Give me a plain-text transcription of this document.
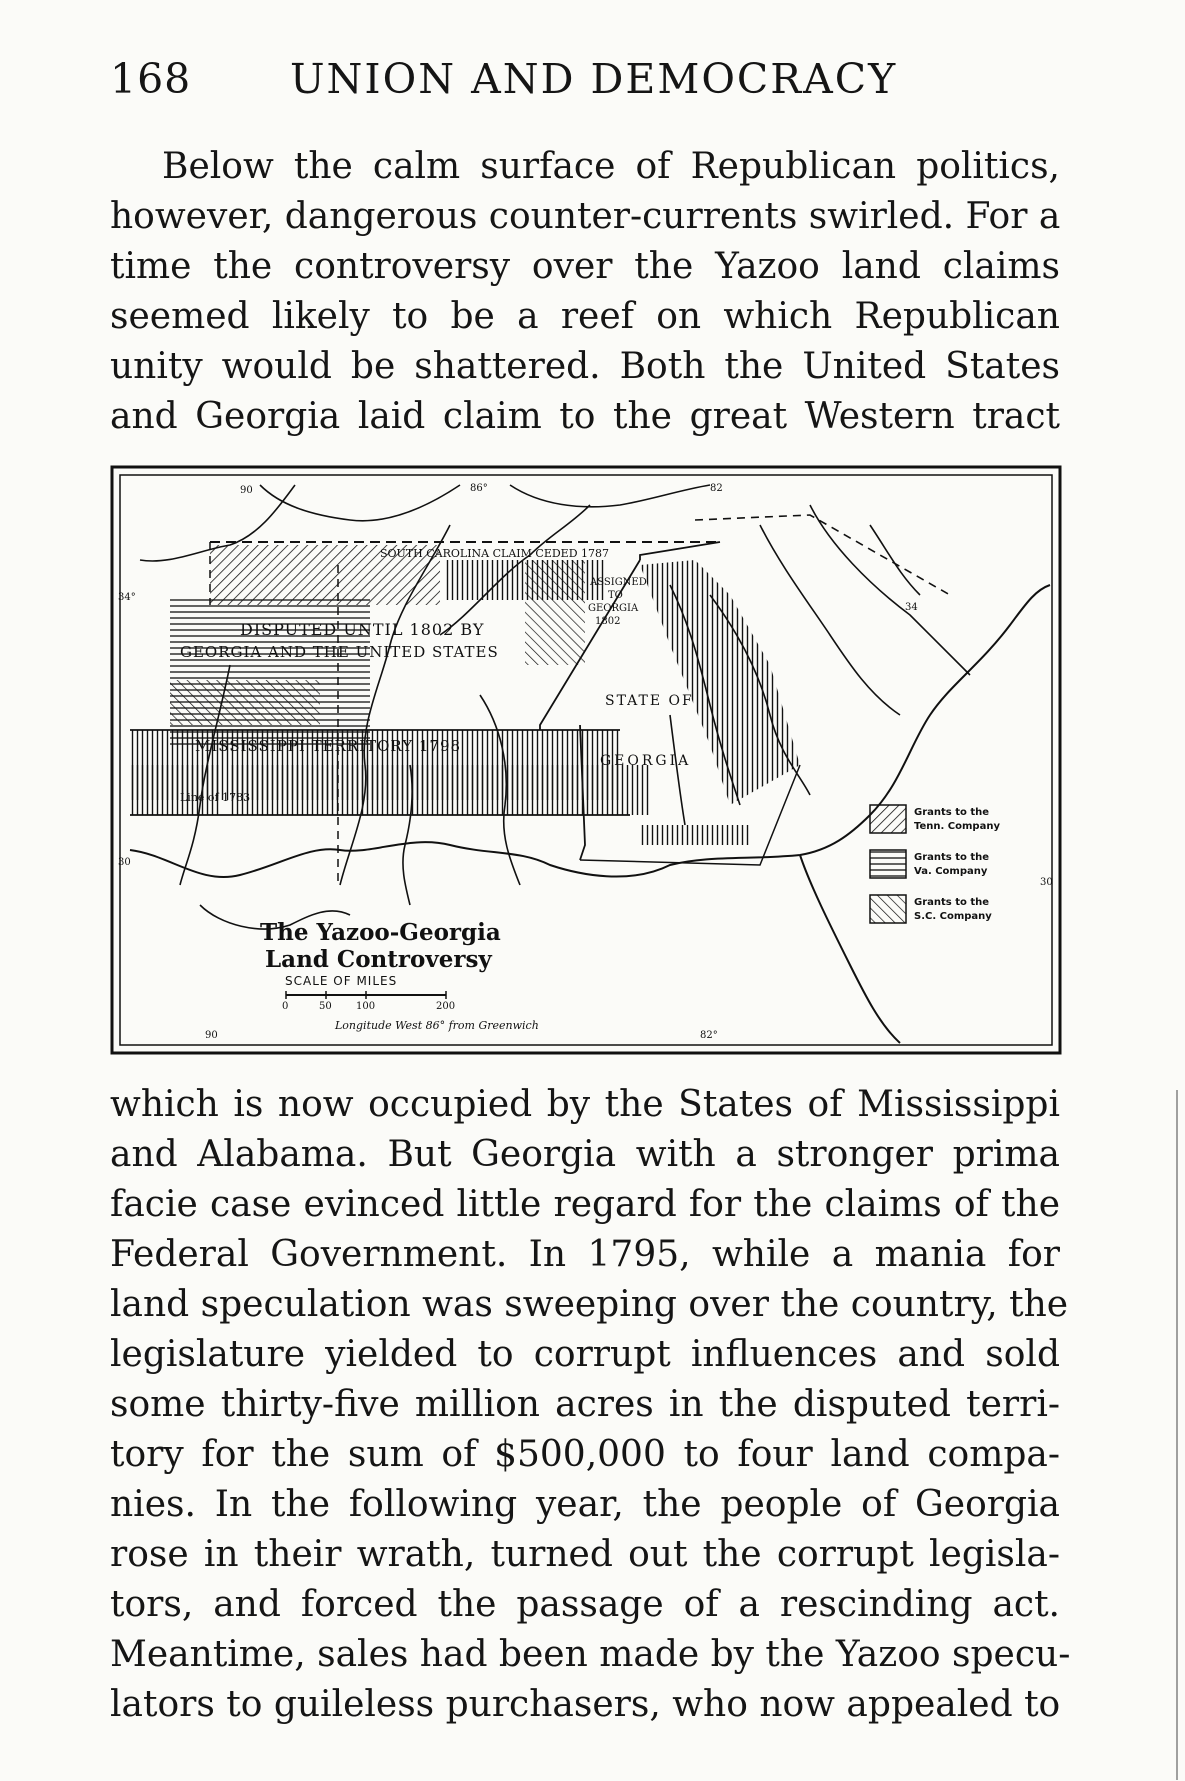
168 UNION AND DEMOCRACY
Below the calm surface of Republican politics,
however, dangerous counter-currents swirled. For a
time the controversy over the Yazoo land claims
seemed likely to be a reef on which Republican
unity would be shattered. Both the United States
and Georgia laid claim to the great Western tract
SOUTH CAROLINA CLAIM CEDED 1787
ASSIGNED
TO
GEORGIA
1802
DISPUTED UNTIL 1802 BY
GEORGIA AND THE UNITED STATES
MISSISSIPPI TERRITORY 1798
Line of 1783
STATE OF
GEORGIA
90	86°	82
34°
34
30
30
90	82°
The Yazoo-Georgia
Land Controversy
SCALE OF MILES
0	50 100	200
Longitude West 86° from Greenwich
Grants to the
Tenn. Company
Grants to the
Va. Company
Grants to the
S.C. Company
which is now occupied by the States of Mississippi
and Alabama. But Georgia with a stronger prima
facie case evinced little regard for the claims of the
Federal Government. In 1795, while a mania for
land speculation was sweeping over the country, the
legislature yielded to corrupt influences and sold
some thirty-five million acres in the disputed terri-
tory for the sum of $500,000 to four land compa-
nies. In the following year, the people of Georgia
rose in their wrath, turned out the corrupt legisla-
tors, and forced the passage of a rescinding act.
Meantime, sales had been made by the Yazoo specu-
lators to guileless purchasers, who now appealed to
